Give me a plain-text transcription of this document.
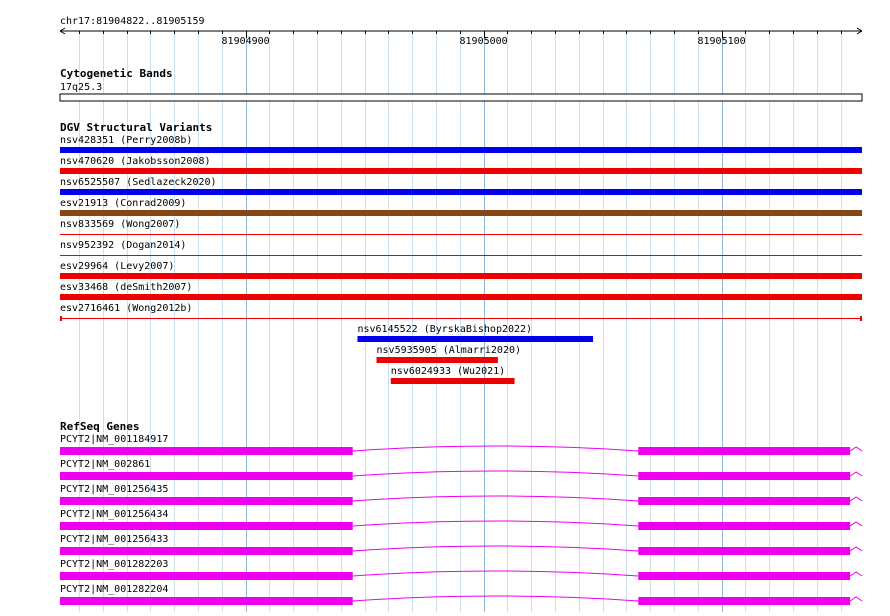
chr17:81904822..81905159
81904900	81905000	81905100
Cytogenetic Bands
17q25.3
DGV Structural Variants
nsv428351 (Perry2008b)
nsv470620 (Jakobsson2008)
nsv6525507 (Sedlazeck2020)
esv21913 (Conrad2009)
nsv833569 (Wong2007)
nsv952392 (Dogan2014)
esv29964 (Levy2007)
esv33468 (deSmith2007)
esv2716461 (Wong2012b)
nsv6145522 (ByrskaBishop2022)
nsv5935905 (Almarri2020)
nsv6024933 (Wu2021)
RefSeq Genes
PCYT2|NM_001184917
PCYT2|NM_002861
PCYT2|NM_001256435
PCYT2|NM_001256434
PCYT2|NM_001256433
PCYT2|NM_001282203
PCYT2|NM_001282204
